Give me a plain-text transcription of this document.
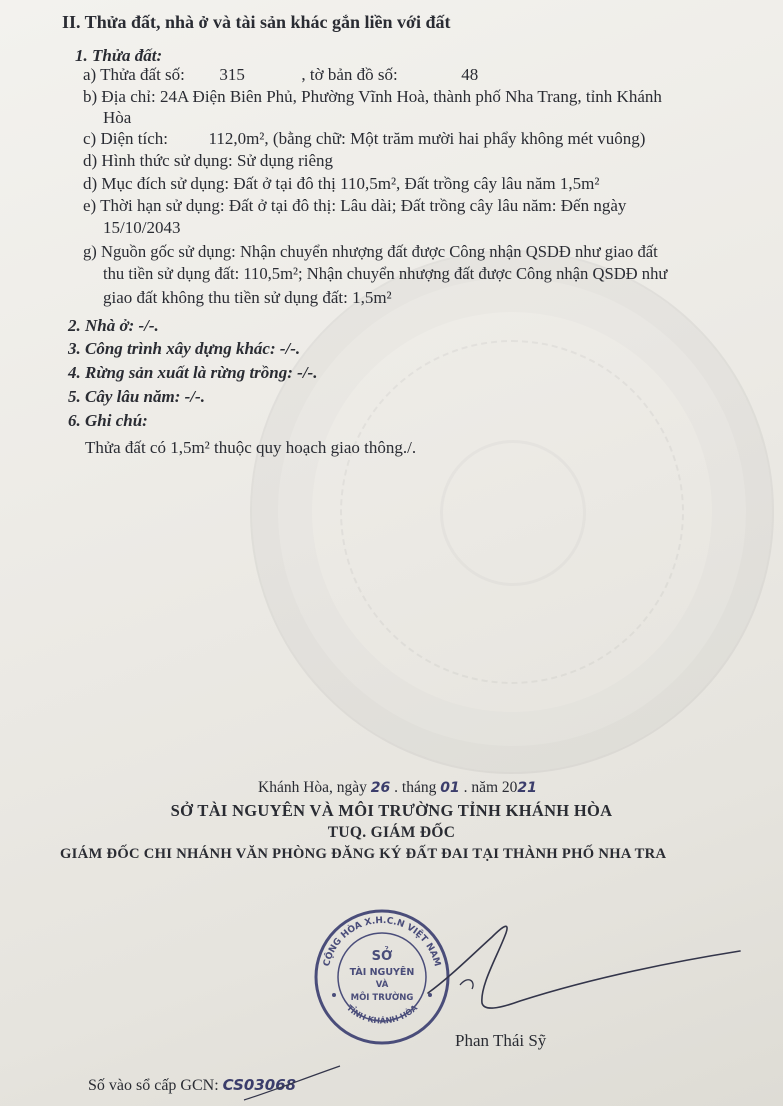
II. Thửa đất, nhà ở và tài sản khác gắn liền với đất
1. Thửa đất:
a) Thửa đất số: 315	, tờ bản đồ số:	48
b) Địa chỉ: 24A Điện Biên Phủ, Phường Vĩnh Hoà, thành phố Nha Trang, tỉnh Khánh
Hòa
c) Diện tích: 112,0m², (bằng chữ: Một trăm mười hai phẩy không mét vuông)
d) Hình thức sử dụng: Sử dụng riêng
d) Mục đích sử dụng: Đất ở tại đô thị 110,5m², Đất trồng cây lâu năm 1,5m²
e) Thời hạn sử dụng: Đất ở tại đô thị: Lâu dài; Đất trồng cây lâu năm: Đến ngày
15/10/2043
g) Nguồn gốc sử dụng: Nhận chuyển nhượng đất được Công nhận QSDĐ như giao đất
thu tiền sử dụng đất: 110,5m²; Nhận chuyển nhượng đất được Công nhận QSDĐ như
giao đất không thu tiền sử dụng đất: 1,5m²
2. Nhà ở: -/-.
3. Công trình xây dựng khác: -/-.
4. Rừng sản xuất là rừng trồng: -/-.
5. Cây lâu năm: -/-.
6. Ghi chú:
Thửa đất có 1,5m² thuộc quy hoạch giao thông./.
Khánh Hòa, ngày 26 . tháng 01 . năm 2021
SỞ TÀI NGUYÊN VÀ MÔI TRƯỜNG TỈNH KHÁNH HÒA
TUQ. GIÁM ĐỐC
GIÁM ĐỐC CHI NHÁNH VĂN PHÒNG ĐĂNG KÝ ĐẤT ĐAI TẠI THÀNH PHỐ NHA TRA
CỘNG HÒA X.H.C.N VIỆT NAM
TỈNH KHÁNH HÒA
SỞ
TÀI NGUYÊN
VÀ
MÔI TRƯỜNG
Phan Thái Sỹ
Số vào sổ cấp GCN: CS03068
